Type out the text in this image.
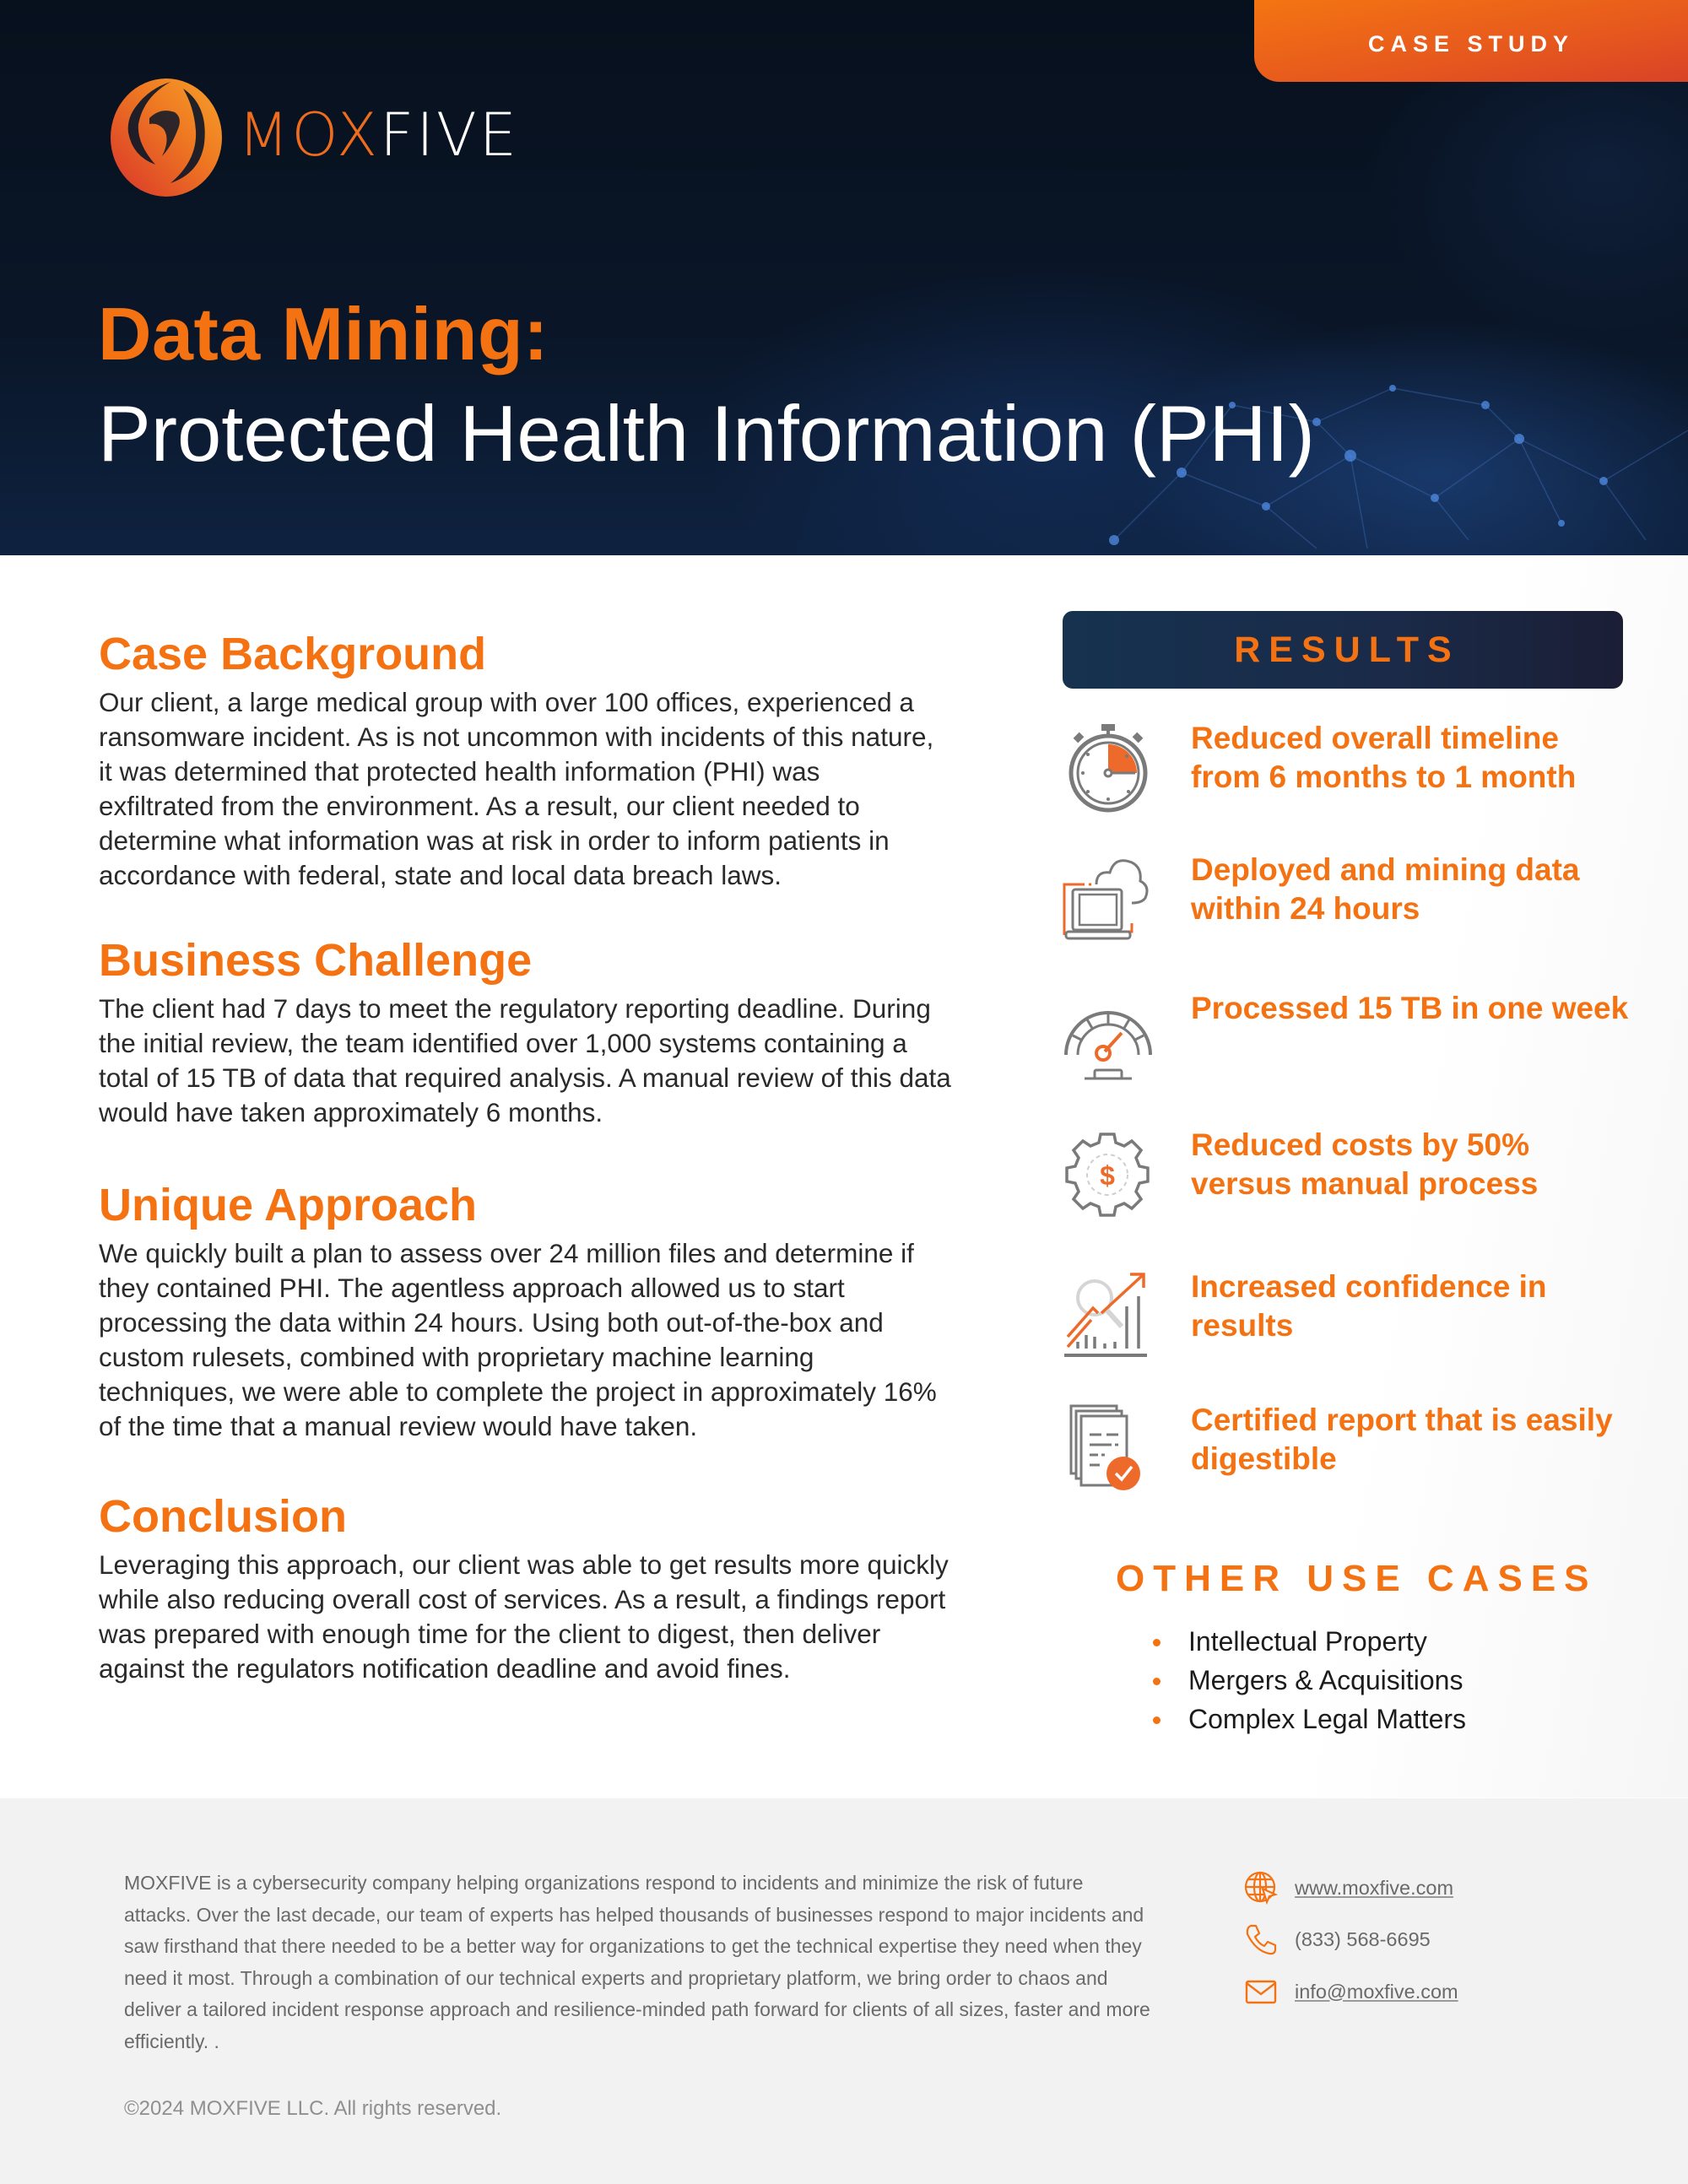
CASE STUDY
MOXFIVE
Data Mining:
Protected Health Information (PHI)
Case Background

Our client, a large medical group with over 100 offices, experienced a ransomware incident. As is not uncommon with incidents of this nature, it was determined that protected health information (PHI) was exfiltrated from the environment. As a result, our client needed to determine what information was at risk in order to inform patients in accordance with federal, state and local data breach laws.

Business Challenge

The client had 7 days to meet the regulatory reporting deadline. During the initial review, the team identified over 1,000 systems containing a total of 15 TB of data that required analysis. A manual review of this data would have taken approximately 6 months.

Unique Approach

We quickly built a plan to assess over 24 million files and determine if they contained PHI. The agentless approach allowed us to start processing the data within 24 hours. Using both out-of-the-box and custom rulesets, combined with proprietary machine learning techniques, we were able to complete the project in approximately 16% of the time that a manual review would have taken.

Conclusion

Leveraging this approach, our client was able to get results more quickly while also reducing overall cost of services. As a result, a findings report was prepared with enough time for the client to digest, then deliver against the regulators notification deadline and avoid fines.

RESULTS
Reduced overall timeline from 6 months to 1 month
Deployed and mining data within 24 hours
Processed 15 TB in one week
$
Reduced costs by 50% versus manual process
Increased confidence in results
Certified report that is easily digestible
OTHER USE CASES
Intellectual Property
Mergers & Acquisitions
Complex Legal Matters

MOXFIVE is a cybersecurity company helping organizations respond to incidents and minimize the risk of future attacks. Over the last decade, our team of experts has helped thousands of businesses respond to major incidents and saw firsthand that there needed to be a better way for organizations to get the technical expertise they need when they need it most. Through a combination of our technical experts and proprietary platform, we bring order to chaos and deliver a tailored incident response approach and resilience-minded path forward for clients of all sizes, faster and more efficiently. .

©2024 MOXFIVE LLC. All rights reserved.
www.moxfive.com
(833) 568-6695
info@moxfive.com
